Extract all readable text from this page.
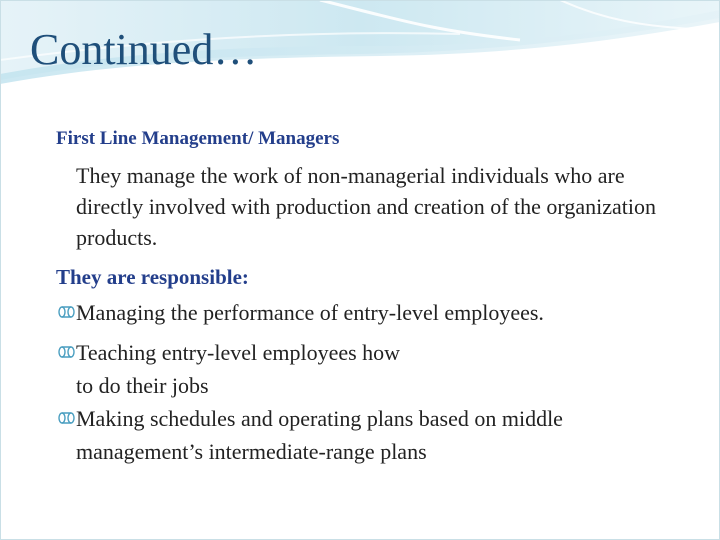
Continued…
First Line Management/ Managers
They manage the work of non-managerial individuals who are directly involved with production and creation of the organization products.
They are responsible:
Managing the performance of entry-level employees.
Teaching entry-level employees how to do their jobs
Making schedules and operating plans based on middle management’s intermediate-range plans
